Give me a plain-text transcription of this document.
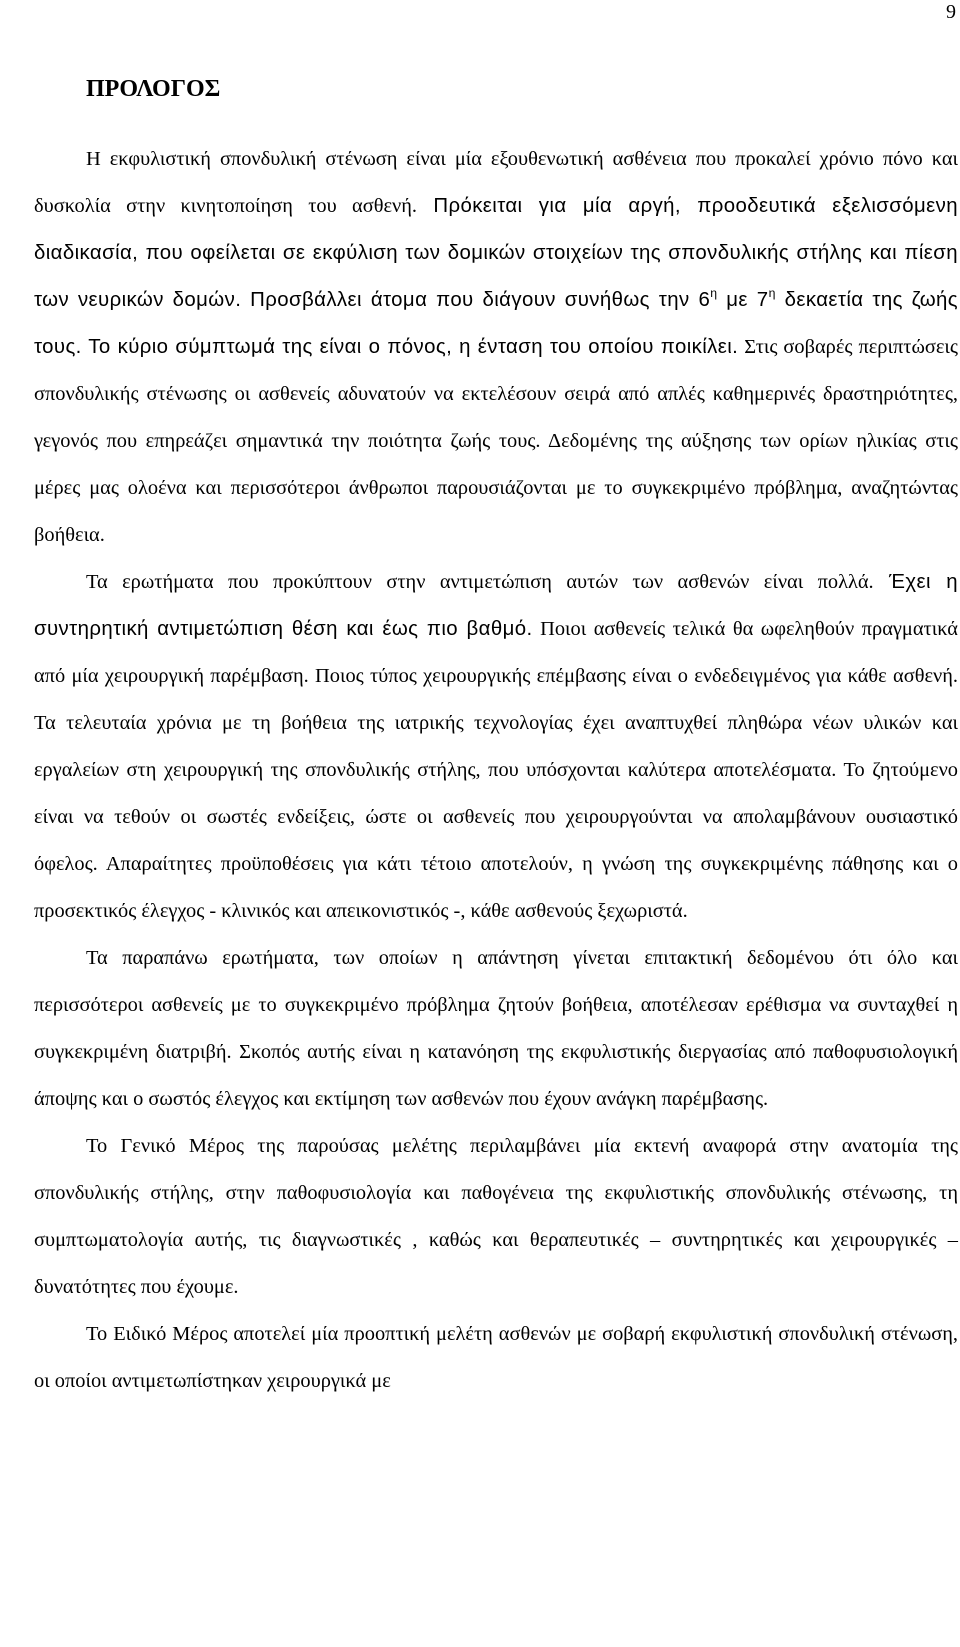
9
ΠΡΟΛΟΓΟΣ

Η εκφυλιστική σπονδυλική στένωση είναι μία εξουθενωτική ασθένεια που προκαλεί χρόνιο πόνο και δυσκολία στην κινητοποίηση του ασθενή. Πρόκειται για μία αργή, προοδευτικά εξελισσόμενη διαδικασία, που οφείλεται σε εκφύλιση των δομικών στοιχείων της σπονδυλικής στήλης και πίεση των νευρικών δομών. Προσβάλλει άτομα που διάγουν συνήθως την $6^\eta$ με $7^\eta$ δεκαετία της ζωής τους. Το κύριο σύμπτωμά της είναι ο πόνος, η ένταση του οποίου ποικίλει. Στις σοβαρές περιπτώσεις σπονδυλικής στένωσης οι ασθενείς αδυνατούν να εκτελέσουν σειρά από απλές καθημερινές δραστηριότητες, γεγονός που επηρεάζει σημαντικά την ποιότητα ζωής τους. Δεδομένης της αύξησης των ορίων ηλικίας στις μέρες μας ολοένα και περισσότεροι άνθρωποι παρουσιάζονται με το συγκεκριμένο πρόβλημα, αναζητώντας βοήθεια.

Τα ερωτήματα που προκύπτουν στην αντιμετώπιση αυτών των ασθενών είναι πολλά. Έχει η συντηρητική αντιμετώπιση θέση και έως πιο βαθμό. Ποιοι ασθενείς τελικά θα ωφεληθούν πραγματικά από μία χειρουργική παρέμβαση. Ποιος τύπος χειρουργικής επέμβασης είναι ο ενδεδειγμένος για κάθε ασθενή. Τα τελευταία χρόνια με τη βοήθεια της ιατρικής τεχνολογίας έχει αναπτυχθεί πληθώρα νέων υλικών και εργαλείων στη χειρουργική της σπονδυλικής στήλης, που υπόσχονται καλύτερα αποτελέσματα. Το ζητούμενο είναι να τεθούν οι σωστές ενδείξεις, ώστε οι ασθενείς που χειρουργούνται να απολαμβάνουν ουσιαστικό όφελος. Απαραίτητες προϋποθέσεις για κάτι τέτοιο αποτελούν, η γνώση της συγκεκριμένης πάθησης και ο προσεκτικός έλεγχος - κλινικός και απεικονιστικός -, κάθε ασθενούς ξεχωριστά.

Τα παραπάνω ερωτήματα, των οποίων η απάντηση γίνεται επιτακτική δεδομένου ότι όλο και περισσότεροι ασθενείς με το συγκεκριμένο πρόβλημα ζητούν βοήθεια, αποτέλεσαν ερέθισμα να συνταχθεί η συγκεκριμένη διατριβή. Σκοπός αυτής είναι η κατανόηση της εκφυλιστικής διεργασίας από παθοφυσιολογική άποψης και ο σωστός έλεγχος και εκτίμηση των ασθενών που έχουν ανάγκη παρέμβασης.

Το Γενικό Μέρος της παρούσας μελέτης περιλαμβάνει μία εκτενή αναφορά στην ανατομία της σπονδυλικής στήλης, στην παθοφυσιολογία και παθογένεια της εκφυλιστικής σπονδυλικής στένωσης, τη συμπτωματολογία αυτής, τις διαγνωστικές , καθώς και θεραπευτικές – συντηρητικές και χειρουργικές – δυνατότητες που έχουμε.

Το Ειδικό Μέρος αποτελεί μία προοπτική μελέτη ασθενών με σοβαρή εκφυλιστική σπονδυλική στένωση, οι οποίοι αντιμετωπίστηκαν χειρουργικά με
